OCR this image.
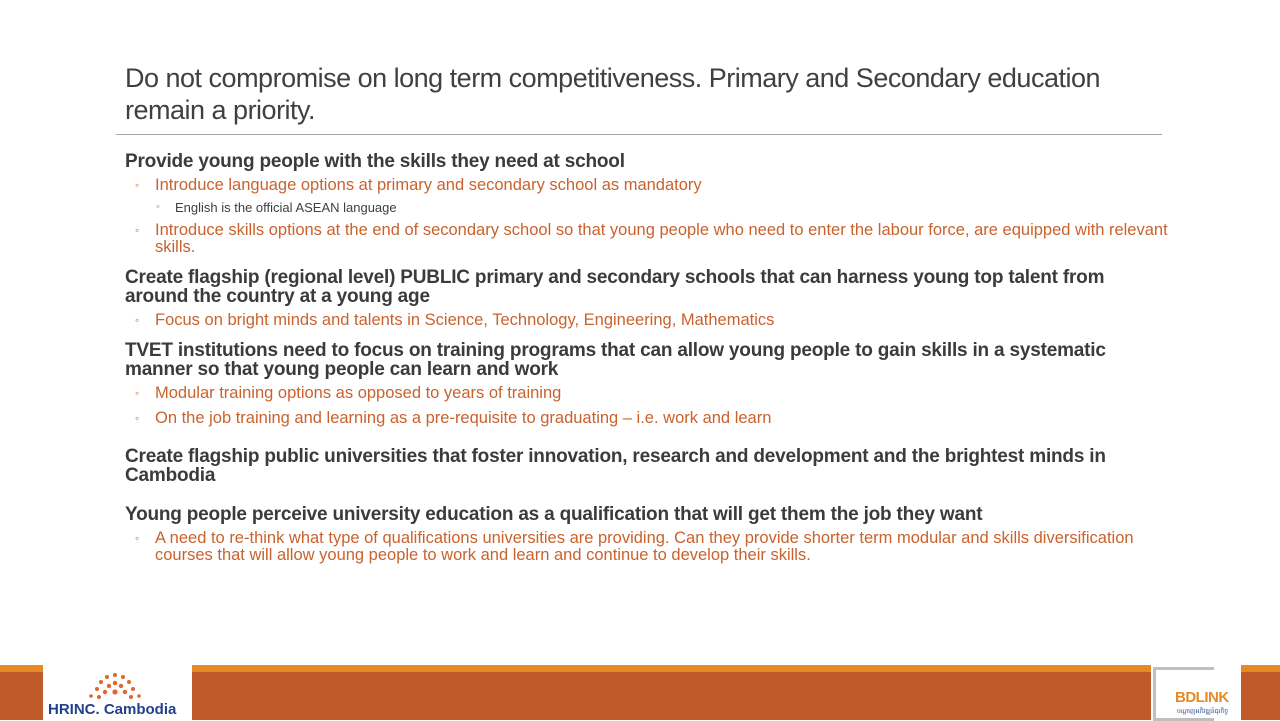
Do not compromise on long term competitiveness. Primary and Secondary education remain a priority.
Provide young people with the skills they need at school
◦ Introduce language options at primary and secondary school as mandatory
◦ English is the official ASEAN language
◦ Introduce skills options at the end of secondary school so that young people who need to enter the labour force, are equipped with relevant skills.
Create flagship (regional level) PUBLIC primary and secondary schools that can harness young top talent from around the country at a young age
◦ Focus on bright minds and talents in Science, Technology, Engineering, Mathematics
TVET institutions need to focus on training programs that can allow young people to gain skills in a systematic manner so that young people can learn and work
◦ Modular training options as opposed to years of training
◦ On the job training and learning as a pre-requisite to graduating – i.e. work and learn
Create flagship public universities that foster innovation, research and development and the brightest minds in Cambodia
Young people perceive university education as a qualification that will get them the job they want
◦ A need to re-think what type of qualifications universities are providing. Can they provide shorter term modular and skills diversification courses that will allow young people to work and learn and continue to develop their skills.
HRINC. Cambodia
BDLINK
បណ្ដាញអភិវឌ្ឍន៍ធុរកិច្ច
